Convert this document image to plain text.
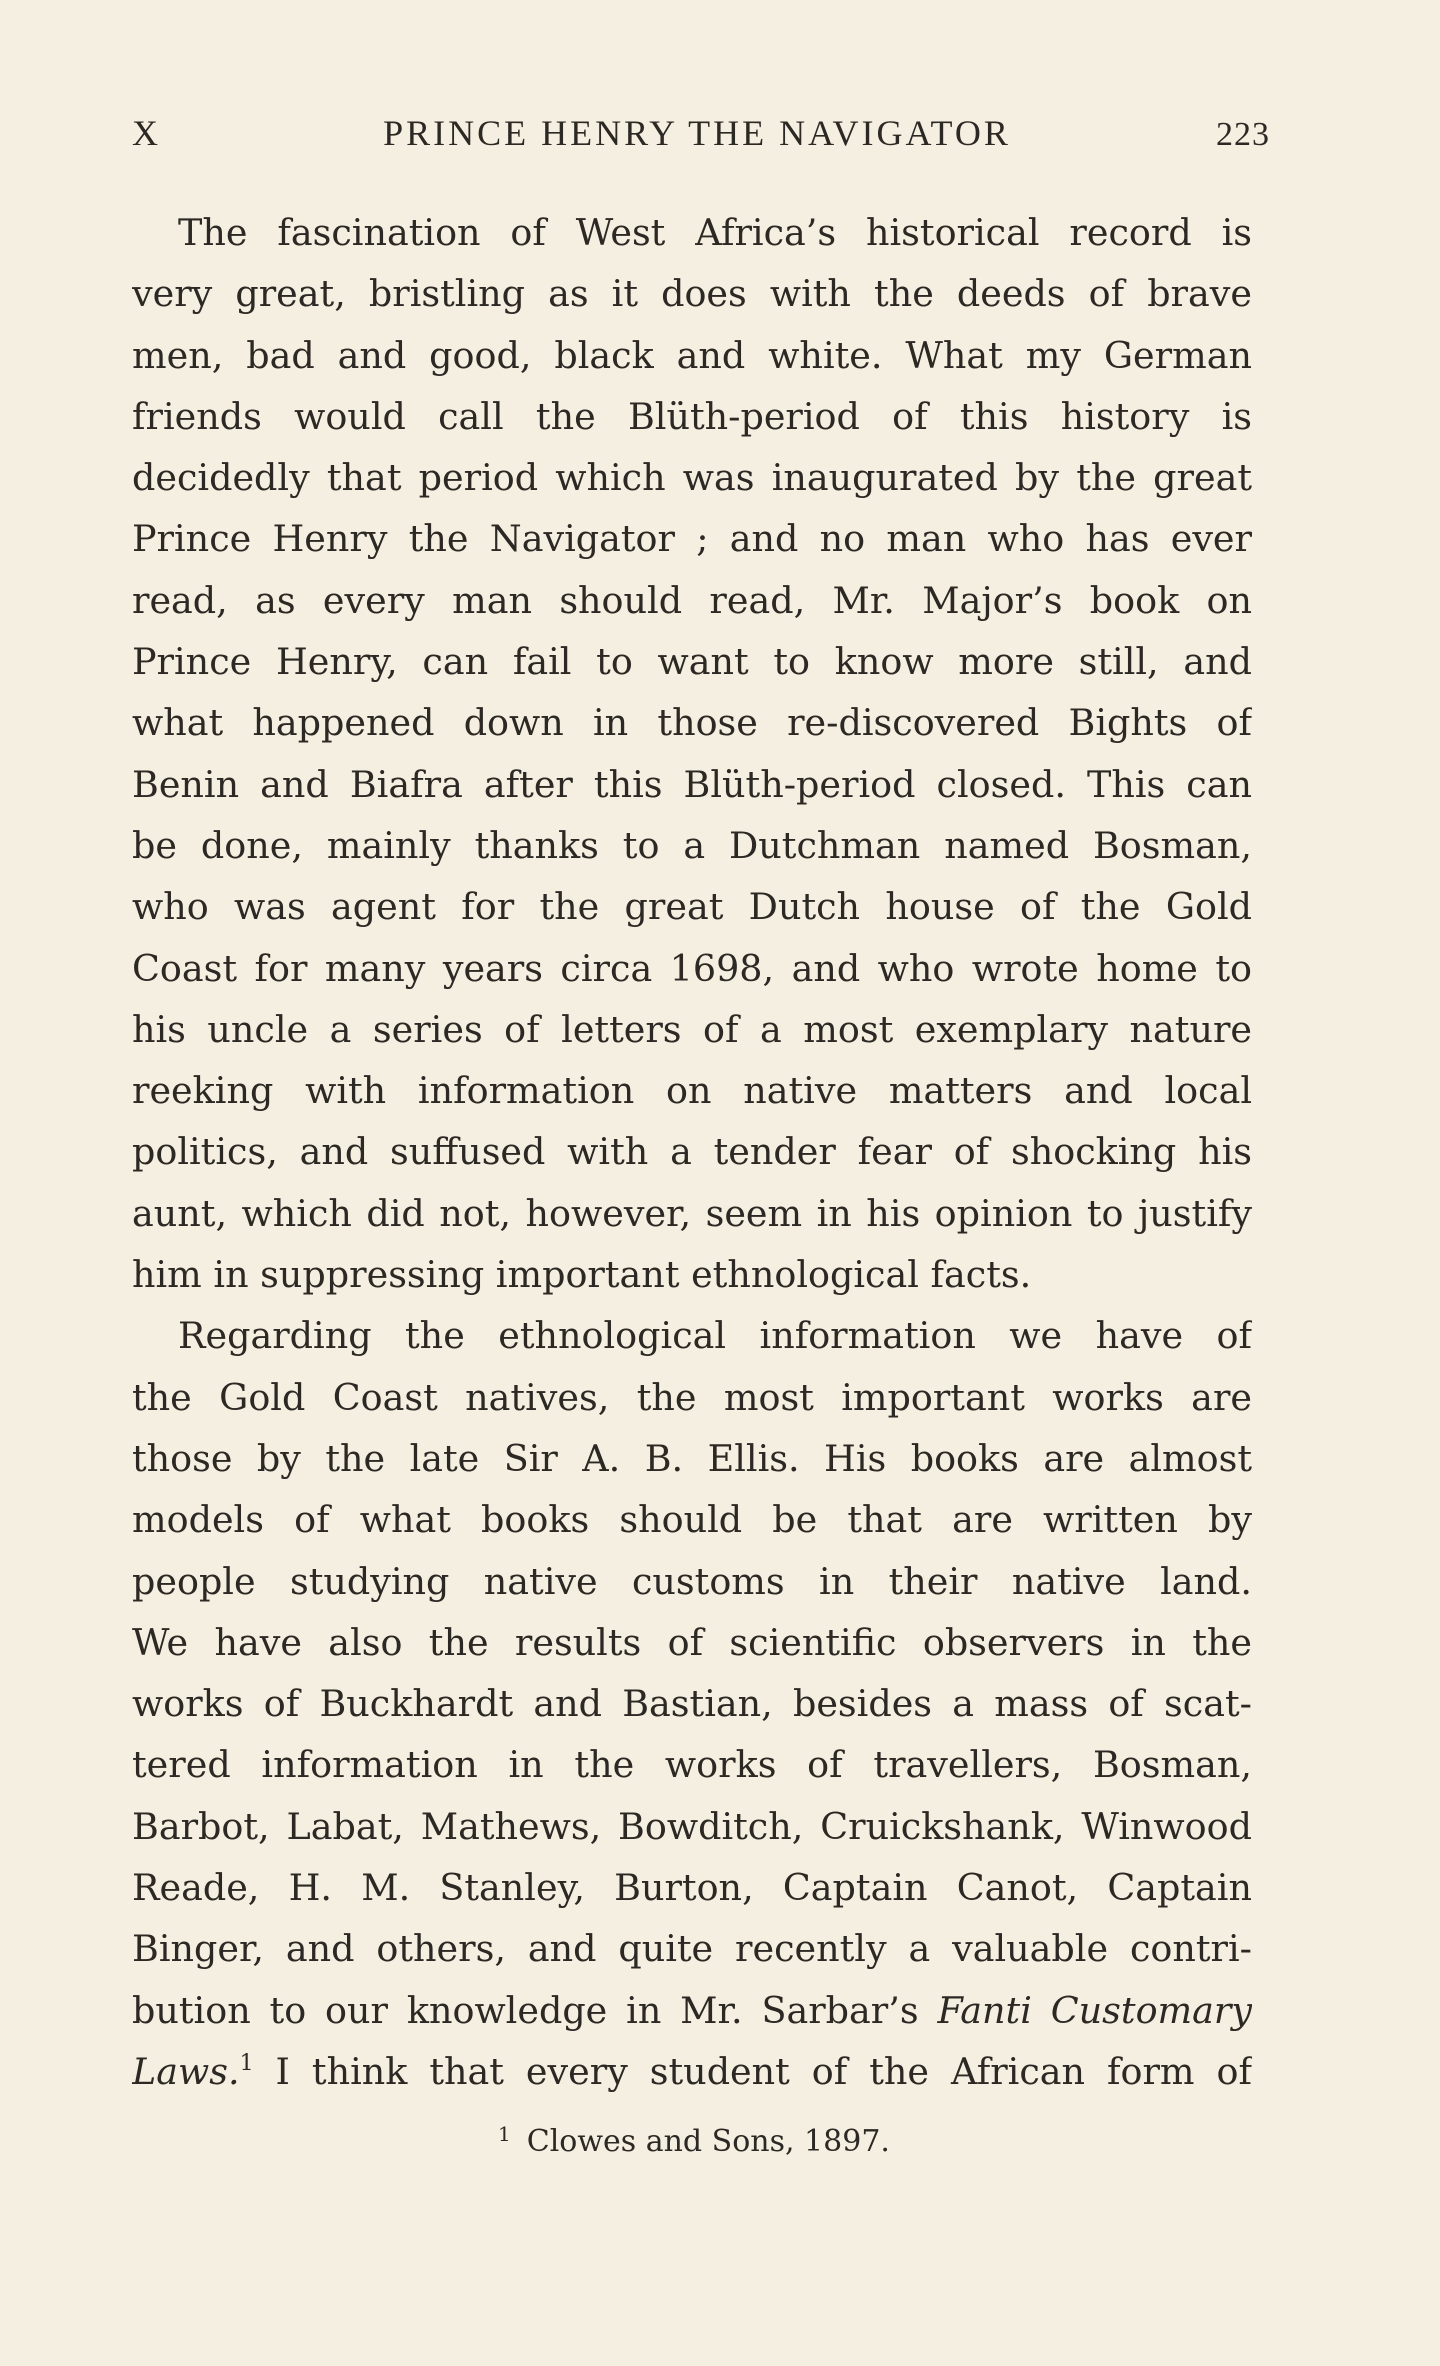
X	PRINCE HENRY THE NAVIGATOR	223
The fascination of West Africa’s historical record is
very great, bristling as it does with the deeds of brave
men, bad and good, black and white. What my German
friends would call the Blüth-period of this history is
decidedly that period which was inaugurated by the great
Prince Henry the Navigator ; and no man who has ever
read, as every man should read, Mr. Major’s book on
Prince Henry, can fail to want to know more still, and
what happened down in those re-discovered Bights of
Benin and Biafra after this Blüth-period closed. This can
be done, mainly thanks to a Dutchman named Bosman,
who was agent for the great Dutch house of the Gold
Coast for many years circa 1698, and who wrote home to
his uncle a series of letters of a most exemplary nature
reeking with information on native matters and local
politics, and suffused with a tender fear of shocking his
aunt, which did not, however, seem in his opinion to justify
him in suppressing important ethnological facts.
Regarding the ethnological information we have of
the Gold Coast natives, the most important works are
those by the late Sir A. B. Ellis. His books are almost
models of what books should be that are written by
people studying native customs in their native land.
We have also the results of scientific observers in the
works of Buckhardt and Bastian, besides a mass of scat-
tered information in the works of travellers, Bosman,
Barbot, Labat, Mathews, Bowditch, Cruickshank, Winwood
Reade, H. M. Stanley, Burton, Captain Canot, Captain
Binger, and others, and quite recently a valuable contri-
bution to our knowledge in Mr. Sarbar’s Fanti Customary
Laws.$^1$ I think that every student of the African form of
$^1$ Clowes and Sons, 1897.
